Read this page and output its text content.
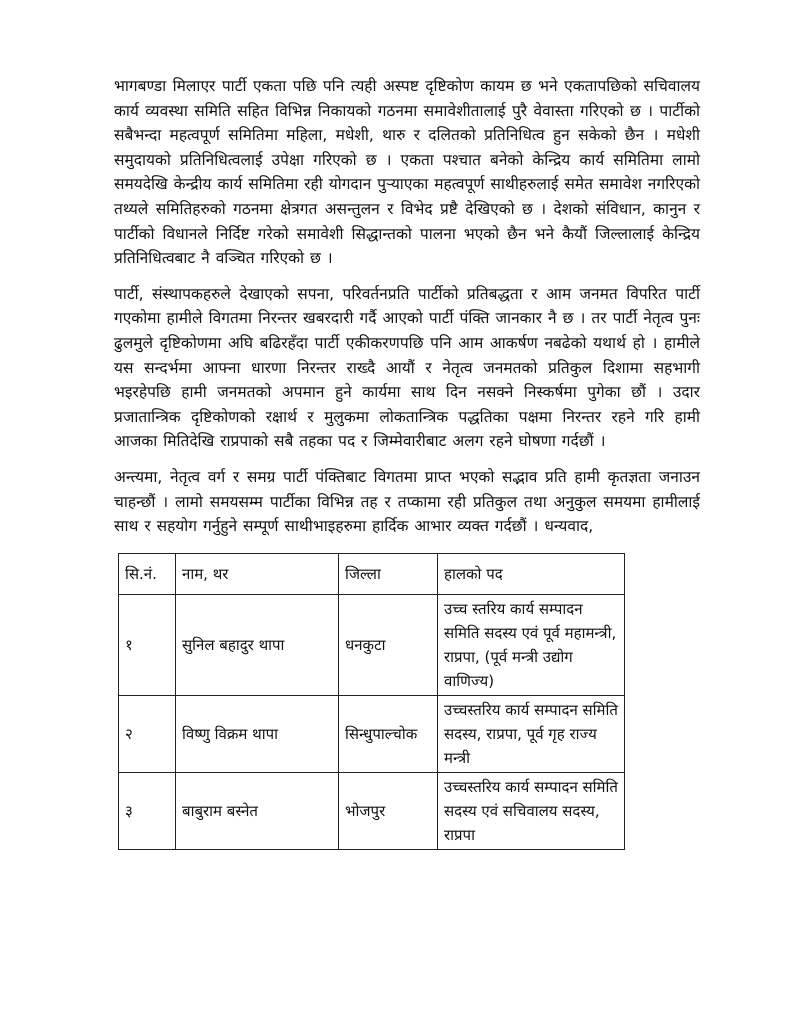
भागबण्डा मिलाएर पार्टी एकता पछि पनि त्यही अस्पष्ट दृष्टिकोण कायम छ भने एकतापछिको सचिवालय कार्य व्यवस्था समिति सहित विभिन्न निकायको गठनमा समावेशीतालाई पुरै वेवास्ता गरिएको छ । पार्टीको सबैभन्दा महत्वपूर्ण समितिमा महिला, मधेशी, थारु र दलितको प्रतिनिधित्व हुन सकेको छैन । मधेशी समुदायको प्रतिनिधित्वलाई उपेक्षा गरिएको छ । एकता पश्चात बनेको केन्द्रिय कार्य समितिमा लामो समयदेखि केन्द्रीय कार्य समितिमा रही योगदान पुऱ्याएका महत्वपूर्ण साथीहरुलाई समेत समावेश नगरिएको तथ्यले समितिहरुको गठनमा क्षेत्रगत असन्तुलन र विभेद प्रष्टै देखिएको छ । देशको संविधान, कानुन र पार्टीको विधानले निर्दिष्ट गरेको समावेशी सिद्धान्तको पालना भएको छैन भने कैयौं जिल्लालाई केन्द्रिय प्रतिनिधित्वबाट नै वञ्चित गरिएको छ ।

पार्टी, संस्थापकहरुले देखाएको सपना, परिवर्तनप्रति पार्टीको प्रतिबद्धता र आम जनमत विपरित पार्टी गएकोमा हामीले विगतमा निरन्तर खबरदारी गर्दै आएको पार्टी पंक्ति जानकार नै छ । तर पार्टी नेतृत्व पुनः ढुलमुले दृष्टिकोणमा अघि बढिरहँदा पार्टी एकीकरणपछि पनि आम आकर्षण नबढेको यथार्थ हो । हामीले यस सन्दर्भमा आफ्ना धारणा निरन्तर राख्दै आयौं र नेतृत्व जनमतको प्रतिकुल दिशामा सहभागी भइरहेपछि हामी जनमतको अपमान हुने कार्यमा साथ दिन नसक्ने निस्कर्षमा पुगेका छौं । उदार प्रजातान्त्रिक दृष्टिकोणको रक्षार्थ र मुलुकमा लोकतान्त्रिक पद्धतिका पक्षमा निरन्तर रहने गरि हामी आजका मितिदेखि राप्रपाको सबै तहका पद र जिम्मेवारीबाट अलग रहने घोषणा गर्दछौं ।

अन्त्यमा, नेतृत्व वर्ग र समग्र पार्टी पंक्तिबाट विगतमा प्राप्त भएको सद्भाव प्रति हामी कृतज्ञता जनाउन चाहन्छौं । लामो समयसम्म पार्टीका विभिन्न तह र तप्कामा रही प्रतिकुल तथा अनुकुल समयमा हामीलाई साथ र सहयोग गर्नुहुने सम्पूर्ण साथीभाइहरुमा हार्दिक आभार व्यक्त गर्दछौं । धन्यवाद,

सि.नं.	नाम, थर	जिल्ला	हालको पद
१	सुनिल बहादुर थापा	धनकुटा	उच्च स्तरिय कार्य सम्पादन समिति सदस्य एवं पूर्व महामन्त्री, राप्रपा, (पूर्व मन्त्री उद्योग वाणिज्य)
२	विष्णु विक्रम थापा	सिन्धुपाल्चोक	उच्चस्तरिय कार्य सम्पादन समिति सदस्य, राप्रपा, पूर्व गृह राज्य मन्त्री
३	बाबुराम बस्नेत	भोजपुर	उच्चस्तरिय कार्य सम्पादन समिति सदस्य एवं सचिवालय सदस्य, राप्रपा
